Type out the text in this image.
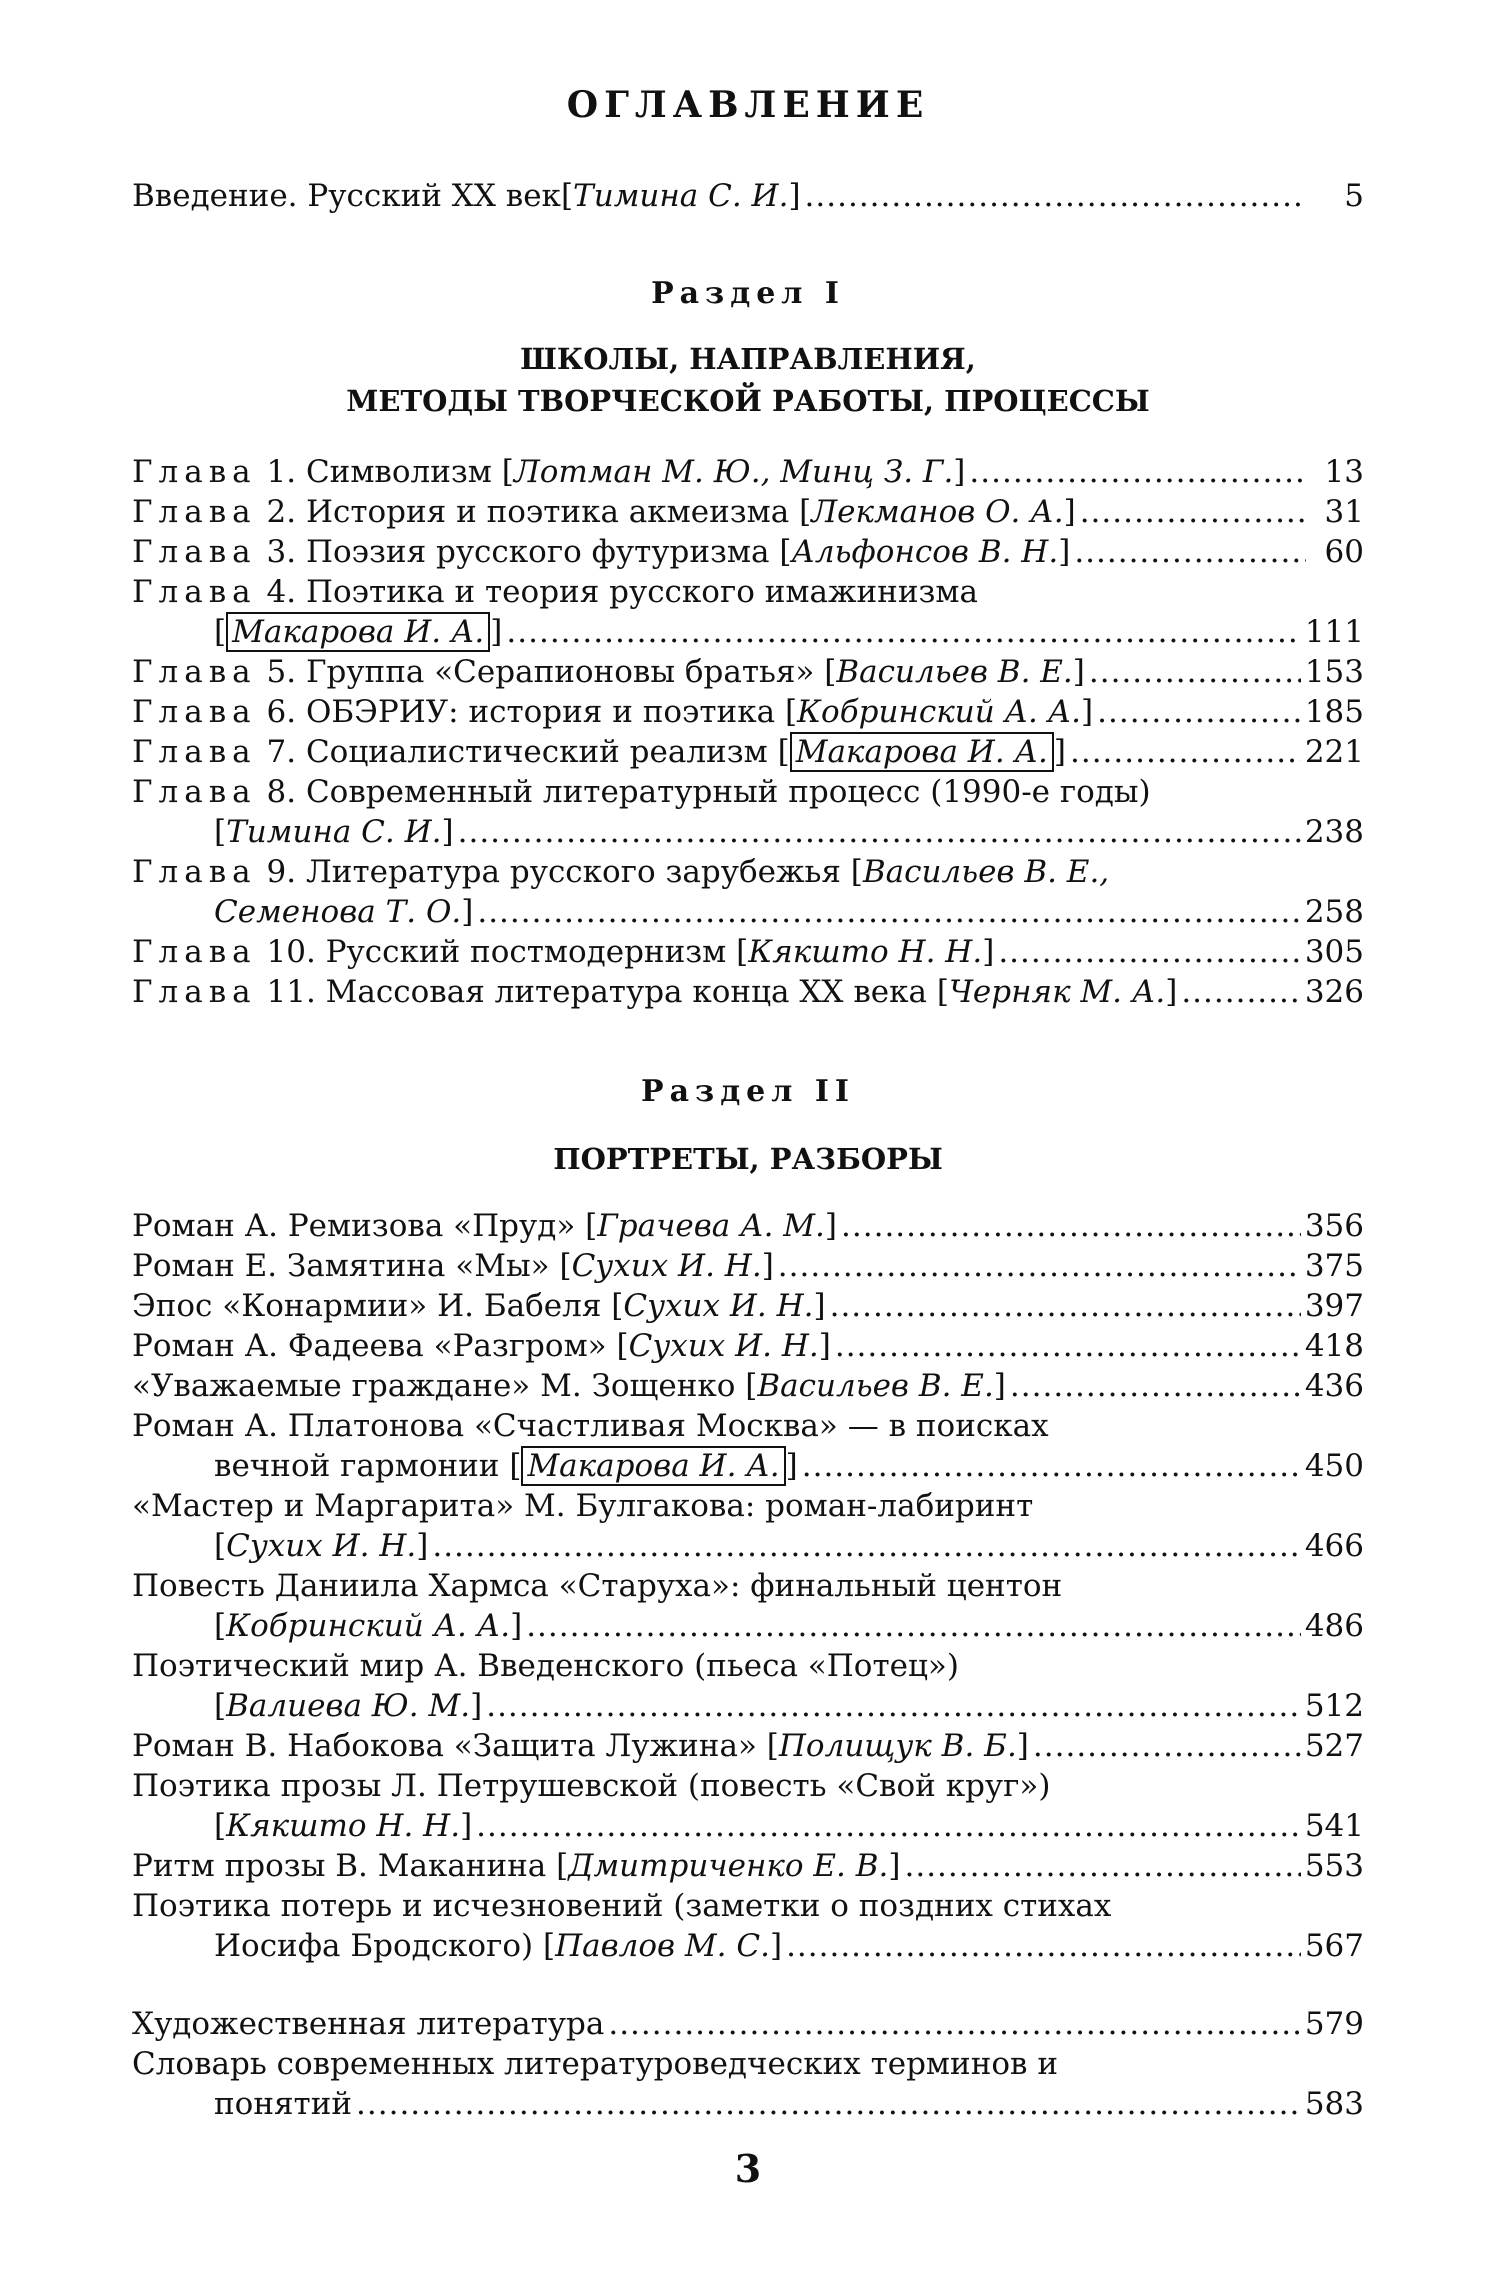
ОГЛАВЛЕНИЕ
Введение. Русский XX век [Тимина С. И.] .....	5
Раздел I
ШКОЛЫ, НАПРАВЛЕНИЯ,
МЕТОДЫ ТВОРЧЕСКОЙ РАБОТЫ, ПРОЦЕССЫ
Глава 1. Символизм [Лотман М. Ю., Минц З. Г.] .....	13
Глава 2. История и поэтика акмеизма [Лекманов О. А.] .....	31
Глава 3. Поэзия русского футуризма [Альфонсов В. Н.] .....	60
Глава 4. Поэтика и теория русского имажинизма
[ Макарова И. А. ] .....	111
Глава 5. Группа «Серапионовы братья» [Васильев В. Е.] .....	153
Глава 6. ОБЭРИУ: история и поэтика [Кобринский А. А.] .....	185
Глава 7. Социалистический реализм [ Макарова И. А. ] .....	221
Глава 8. Современный литературный процесс (1990-е годы)
[Тимина С. И.] .....	238
Глава 9. Литература русского зарубежья [Васильев В. Е.,
Семенова Т. О.] .....	258
Глава 10. Русский постмодернизм [Кякшто Н. Н.] .....	305
Глава 11. Массовая литература конца XX века [Черняк М. А.] .....	326
Раздел II
ПОРТРЕТЫ, РАЗБОРЫ
Роман А. Ремизова «Пруд» [Грачева А. М.] .....	356
Роман Е. Замятина «Мы» [Сухих И. Н.] .....	375
Эпос «Конармии» И. Бабеля [Сухих И. Н.] .....	397
Роман А. Фадеева «Разгром» [Сухих И. Н.] .....	418
«Уважаемые граждане» М. Зощенко [Васильев В. Е.] .....	436
Роман А. Платонова «Счастливая Москва» — в поисках
вечной гармонии [ Макарова И. А. ] .....	450
«Мастер и Маргарита» М. Булгакова: роман-лабиринт
[Сухих И. Н.] .....	466
Повесть Даниила Хармса «Старуха»: финальный центон
[Кобринский А. А.] .....	486
Поэтический мир А. Введенского (пьеса «Потец»)
[Валиева Ю. М.] .....	512
Роман В. Набокова «Защита Лужина» [Полищук В. Б.] .....	527
Поэтика прозы Л. Петрушевской (повесть «Свой круг»)
[Кякшто Н. Н.] .....	541
Ритм прозы В. Маканина [Дмитриченко Е. В.] .....	553
Поэтика потерь и исчезновений (заметки о поздних стихах
Иосифа Бродского) [Павлов М. С.] .....	567
Художественная литература .....	579
Словарь современных литературоведческих терминов и
понятий .....	583
3
